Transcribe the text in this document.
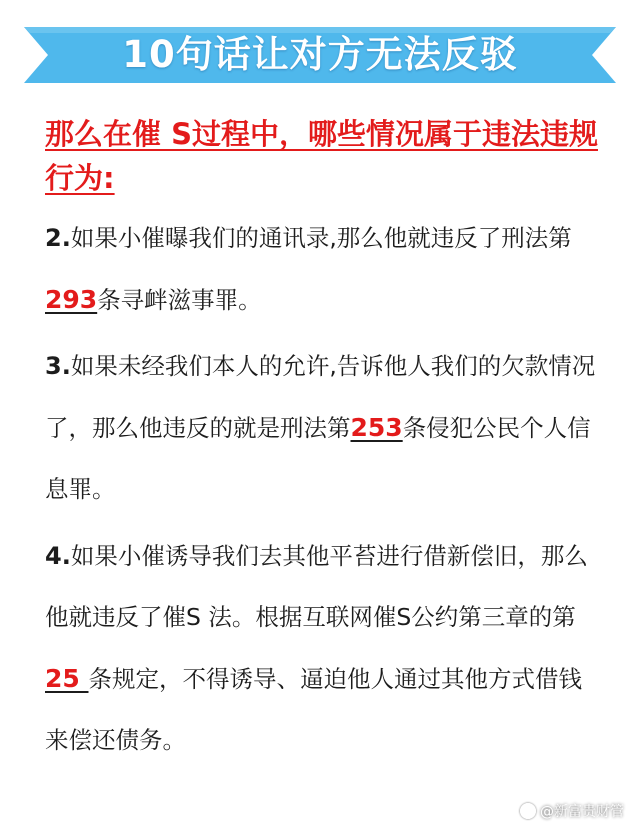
10句话让对方无法反驳
那么在催 S过程中，哪些情况属于违法违规
行为:
2.如果小催曝我们的通讯录,那么他就违反了刑法第293条寻衅滋事罪。
3.如果未经我们本人的允许,告诉他人我们的欠款情况了，那么他违反的就是刑法第253条侵犯公民个人信息罪。
4.如果小催诱导我们去其他平苔进行借新偿旧，那么他就违反了催S 法。根据互联网催S公约第三章的第25 条规定，不得诱导、逼迫他人通过其他方式借钱来偿还债务。
@新富贵财管
